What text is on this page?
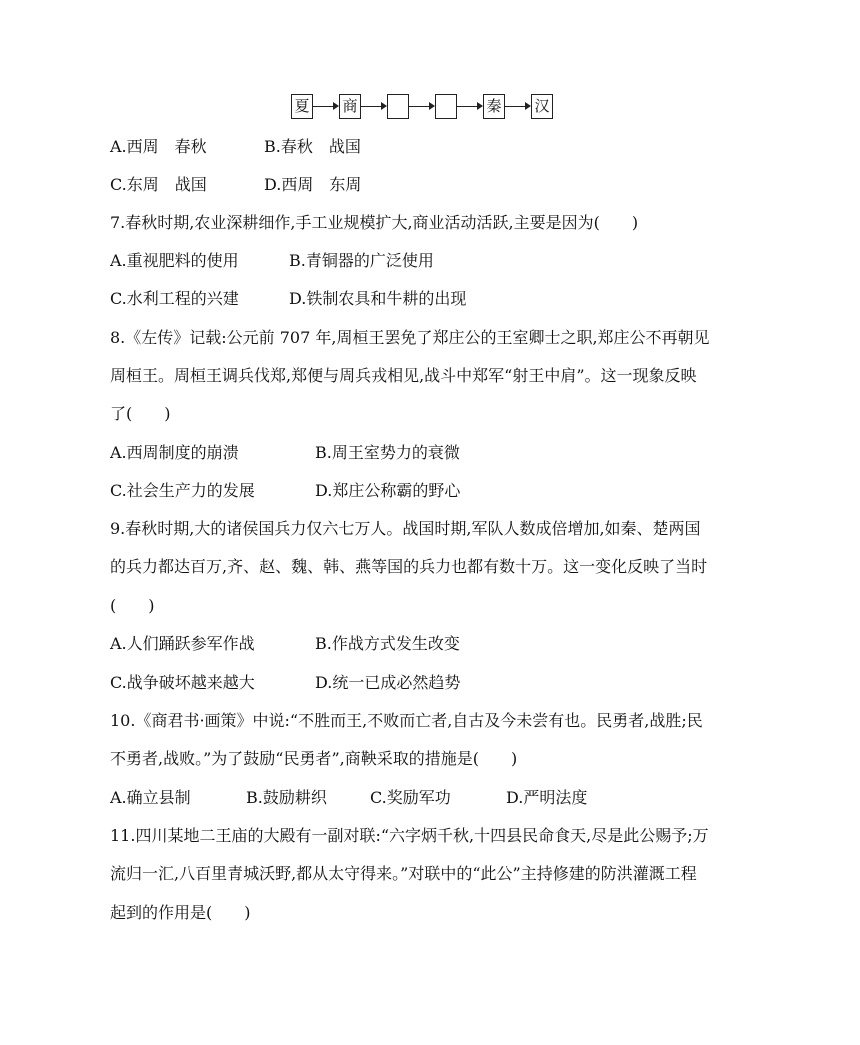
夏 商	秦 汉
A.西周　春秋	B.春秋　战国
C.东周　战国	D.西周　东周
7.春秋时期,农业深耕细作,手工业规模扩大,商业活动活跃,主要是因为(　　)
A.重视肥料的使用	B.青铜器的广泛使用
C.水利工程的兴建	D.铁制农具和牛耕的出现
8.《左传》记载:公元前 707 年,周桓王罢免了郑庄公的王室卿士之职,郑庄公不再朝见
周桓王。周桓王调兵伐郑,郑便与周兵戎相见,战斗中郑军“射王中肩”。这一现象反映
了(　　)
A.西周制度的崩溃	B.周王室势力的衰微
C.社会生产力的发展	D.郑庄公称霸的野心
9.春秋时期,大的诸侯国兵力仅六七万人。战国时期,军队人数成倍增加,如秦、楚两国
的兵力都达百万,齐、赵、魏、韩、燕等国的兵力也都有数十万。这一变化反映了当时
(　　)
A.人们踊跃参军作战	B.作战方式发生改变
C.战争破坏越来越大	D.统一已成必然趋势
10.《商君书·画策》中说:“不胜而王,不败而亡者,自古及今未尝有也。民勇者,战胜;民
不勇者,战败。”为了鼓励“民勇者”,商鞅采取的措施是(　　)
A.确立县制	B.鼓励耕织	C.奖励军功	D.严明法度
11.四川某地二王庙的大殿有一副对联:“六字炳千秋,十四县民命食天,尽是此公赐予;万
流归一汇,八百里青城沃野,都从太守得来。”对联中的“此公”主持修建的防洪灌溉工程
起到的作用是(　　)
